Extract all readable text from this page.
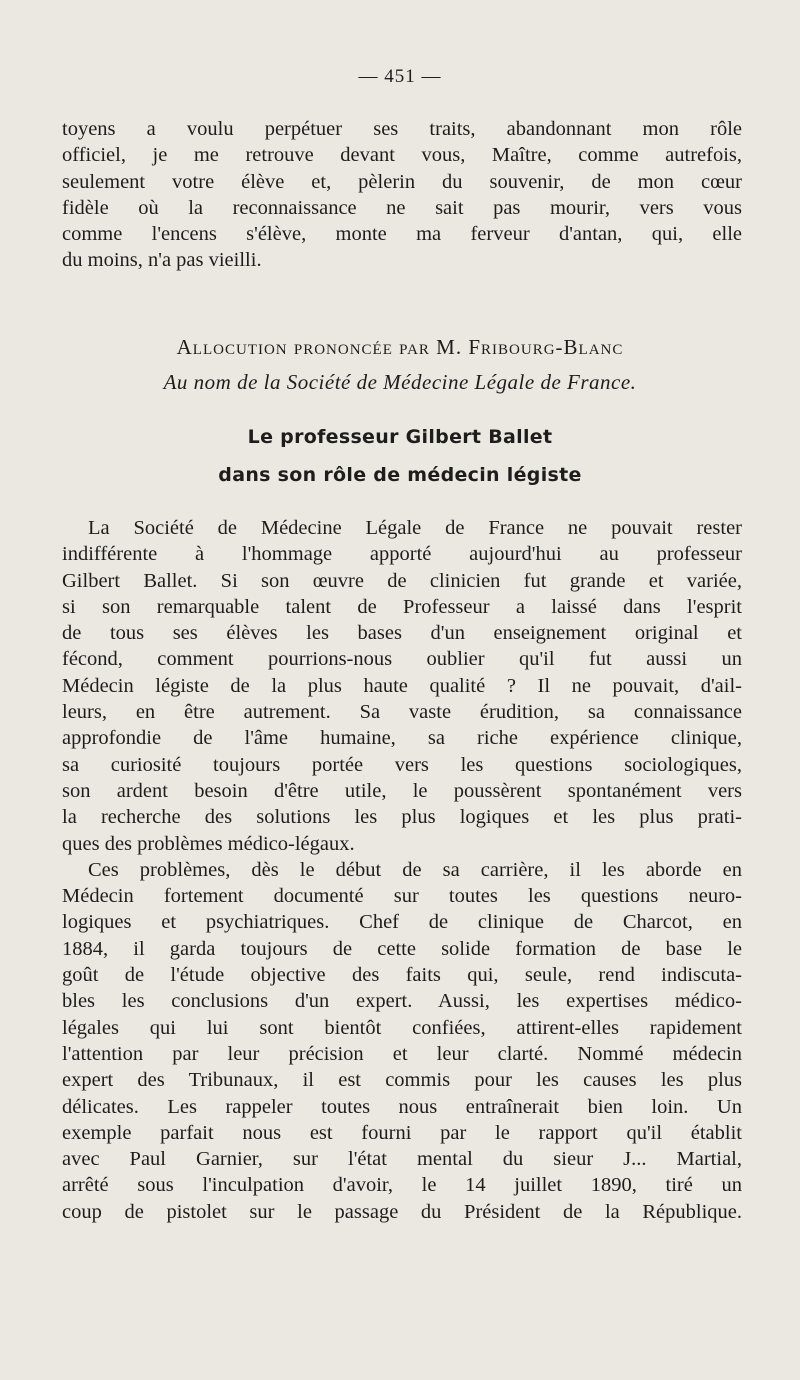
— 451 —
toyens a voulu perpétuer ses traits, abandonnant mon rôle
officiel, je me retrouve devant vous, Maître, comme autrefois,
seulement votre élève et, pèlerin du souvenir, de mon cœur
fidèle où la reconnaissance ne sait pas mourir, vers vous
comme l'encens s'élève, monte ma ferveur d'antan, qui, elle
du moins, n'a pas vieilli.
Allocution prononcée par M. Fribourg-Blanc
Au nom de la Société de Médecine Légale de France.
Le professeur Gilbert Ballet
dans son rôle de médecin légiste
La Société de Médecine Légale de France ne pouvait rester
indifférente à l'hommage apporté aujourd'hui au professeur
Gilbert Ballet. Si son œuvre de clinicien fut grande et variée,
si son remarquable talent de Professeur a laissé dans l'esprit
de tous ses élèves les bases d'un enseignement original et
fécond, comment pourrions-nous oublier qu'il fut aussi un
Médecin légiste de la plus haute qualité ? Il ne pouvait, d'ail-
leurs, en être autrement. Sa vaste érudition, sa connaissance
approfondie de l'âme humaine, sa riche expérience clinique,
sa curiosité toujours portée vers les questions sociologiques,
son ardent besoin d'être utile, le poussèrent spontanément vers
la recherche des solutions les plus logiques et les plus prati-
ques des problèmes médico-légaux.
Ces problèmes, dès le début de sa carrière, il les aborde en
Médecin fortement documenté sur toutes les questions neuro-
logiques et psychiatriques. Chef de clinique de Charcot, en
1884, il garda toujours de cette solide formation de base le
goût de l'étude objective des faits qui, seule, rend indiscuta-
bles les conclusions d'un expert. Aussi, les expertises médico-
légales qui lui sont bientôt confiées, attirent-elles rapidement
l'attention par leur précision et leur clarté. Nommé médecin
expert des Tribunaux, il est commis pour les causes les plus
délicates. Les rappeler toutes nous entraînerait bien loin. Un
exemple parfait nous est fourni par le rapport qu'il établit
avec Paul Garnier, sur l'état mental du sieur J... Martial,
arrêté sous l'inculpation d'avoir, le 14 juillet 1890, tiré un
coup de pistolet sur le passage du Président de la République.
